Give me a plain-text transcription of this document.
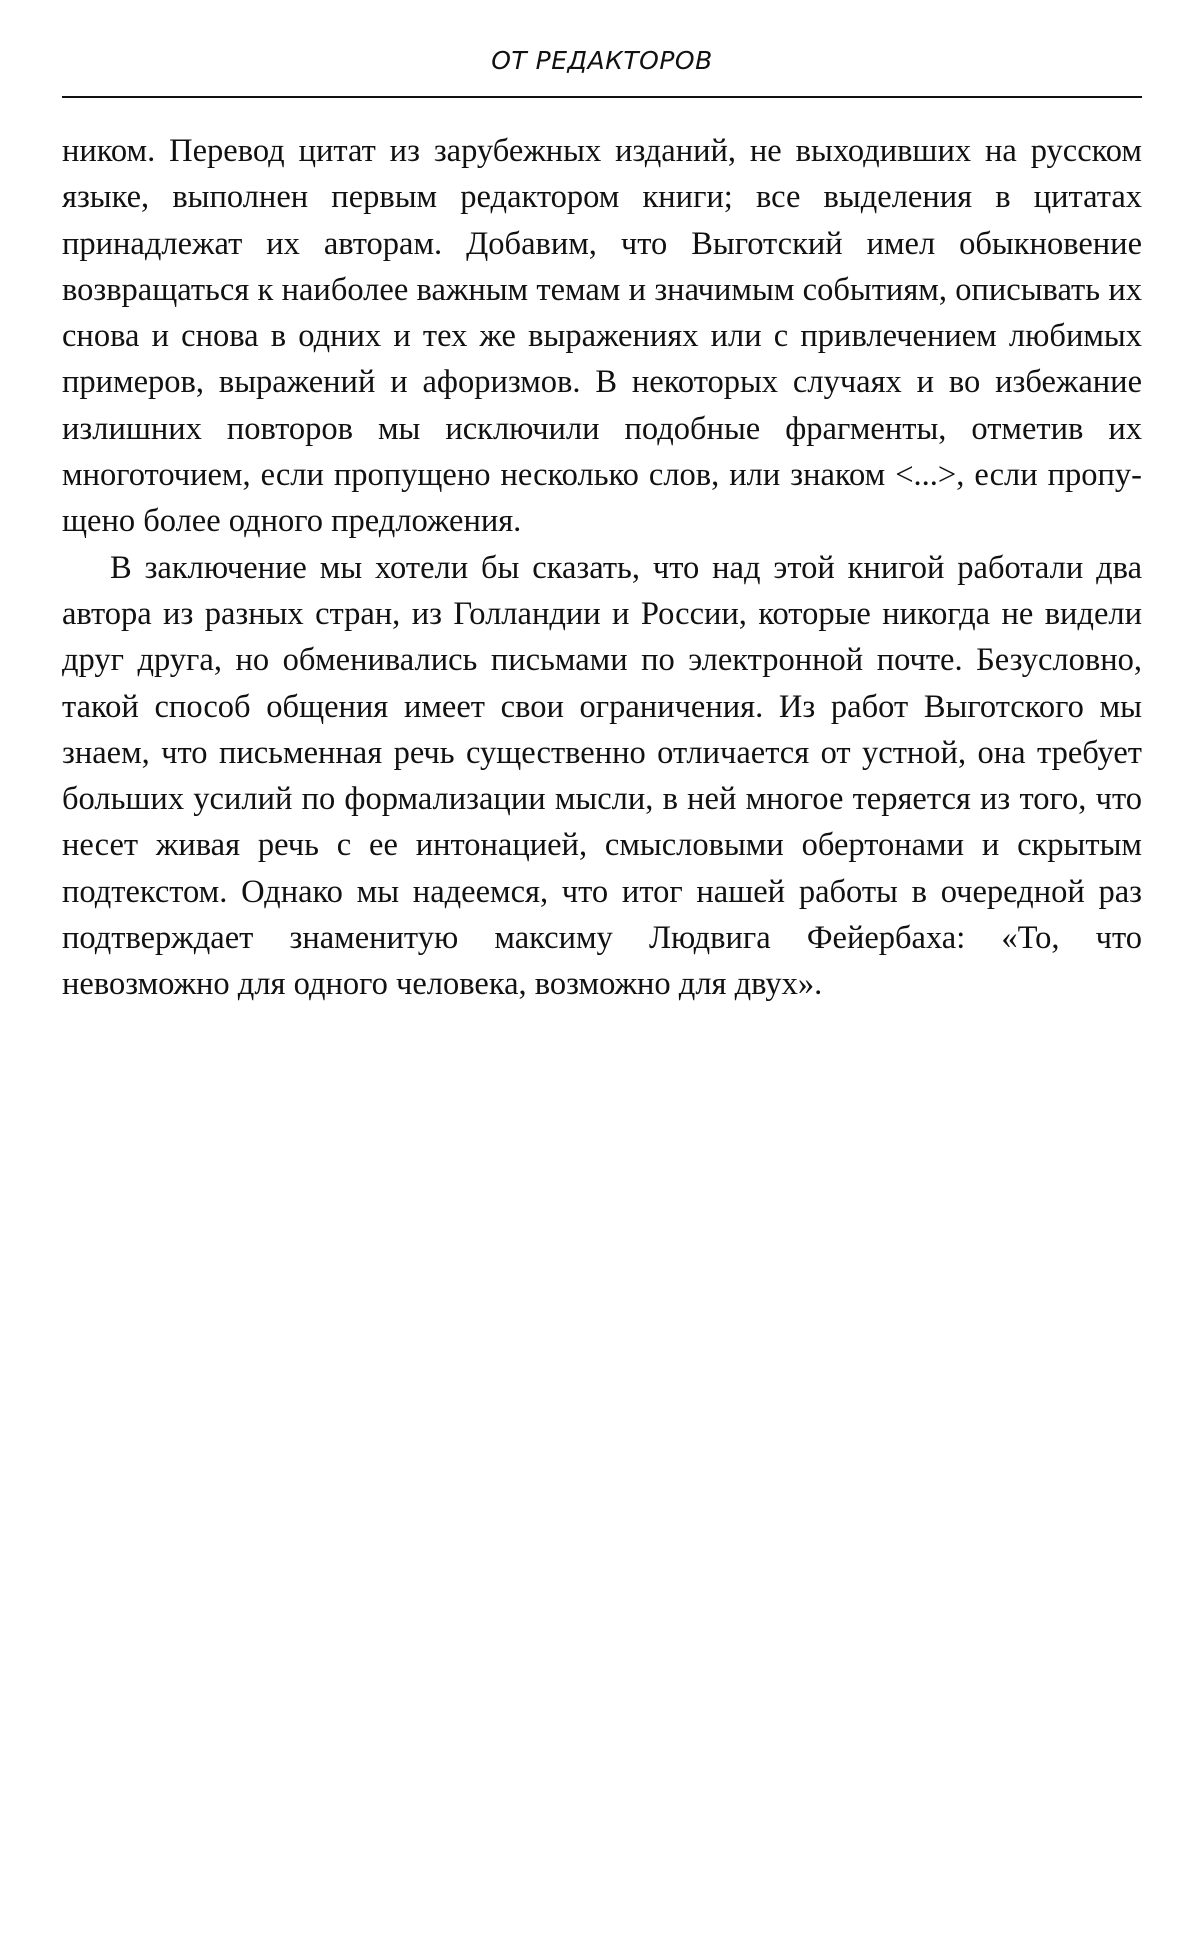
ОТ РЕДАКТОРОВ

ником. Перевод цитат из зарубежных изданий, не выходивших на русском языке, выполнен первым редактором книги; все выделения в цитатах принадлежат их авторам. Добавим, что Выготский имел обыкновение возвращаться к наиболее важным темам и значимым событиям, описывать их снова и снова в одних и тех же выражениях или с привлечением любимых примеров, выражений и афоризмов. В некоторых случаях и во избежание излишних повторов мы исключили подобные фрагменты, отметив их многоточием, если пропущено несколько слов, или знаком <...>, если пропущено более одного предложения.

В заключение мы хотели бы сказать, что над этой книгой работали два автора из разных стран, из Голландии и России, которые никогда не видели друг друга, но обменивались письмами по электронной почте. Безусловно, такой способ общения имеет свои ограничения. Из работ Выготского мы знаем, что письменная речь существенно отличается от устной, она требует больших усилий по формализации мысли, в ней многое теряется из того, что несет живая речь с ее интонацией, смысловыми обертонами и скрытым подтекстом. Однако мы надеемся, что итог нашей работы в очередной раз подтверждает знаменитую максиму Людвига Фейербаха: «То, что невозможно для одного человека, возможно для двух».
